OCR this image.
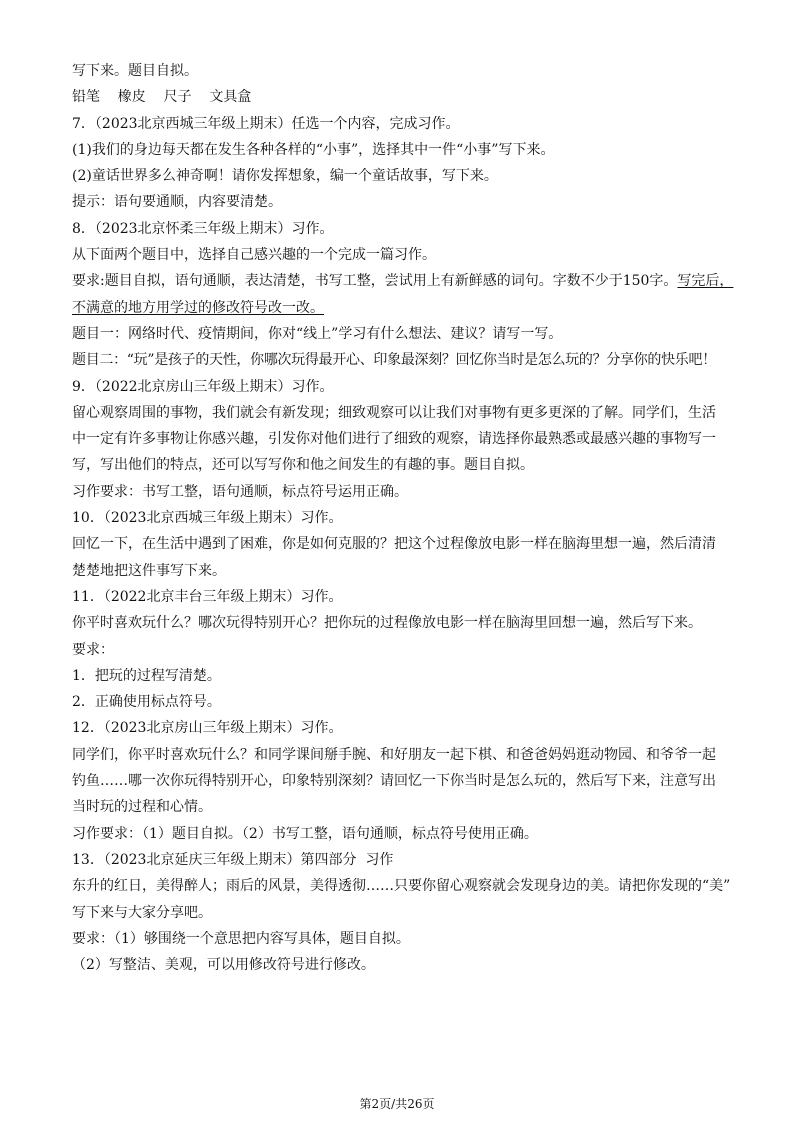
写下来。题目自拟。
铅笔    橡皮    尺子    文具盒
7．（2023北京西城三年级上期末）任选一个内容，完成习作。
(1)我们的身边每天都在发生各种各样的“小事”，选择其中一件“小事”写下来。
(2)童话世界多么神奇啊！请你发挥想象，编一个童话故事，写下来。
提示：语句要通顺，内容要清楚。
8．（2023北京怀柔三年级上期末）习作。
从下面两个题目中，选择自己感兴趣的一个完成一篇习作。
要求:题目自拟，语句通顺，表达清楚，书写工整，尝试用上有新鲜感的词句。字数不少于150字。写完后，
不满意的地方用学过的修改符号改一改。
题目一：网络时代、疫情期间，你对“线上”学习有什么想法、建议？请写一写。
题目二：“玩”是孩子的天性，你哪次玩得最开心、印象最深刻？回忆你当时是怎么玩的？分享你的快乐吧！
9．（2022北京房山三年级上期末）习作。
留心观察周围的事物，我们就会有新发现；细致观察可以让我们对事物有更多更深的了解。同学们，生活
中一定有许多事物让你感兴趣，引发你对他们进行了细致的观察，请选择你最熟悉或最感兴趣的事物写一
写，写出他们的特点，还可以写写你和他之间发生的有趣的事。题目自拟。
习作要求：书写工整，语句通顺，标点符号运用正确。
10．（2023北京西城三年级上期末）习作。
回忆一下，在生活中遇到了困难，你是如何克服的？把这个过程像放电影一样在脑海里想一遍，然后清清
楚楚地把这件事写下来。
11．（2022北京丰台三年级上期末）习作。
你平时喜欢玩什么？哪次玩得特别开心？把你玩的过程像放电影一样在脑海里回想一遍，然后写下来。
要求：
1．把玩的过程写清楚。
2．正确使用标点符号。
12．（2023北京房山三年级上期末）习作。
同学们，你平时喜欢玩什么？和同学课间掰手腕、和好朋友一起下棋、和爸爸妈妈逛动物园、和爷爷一起
钓鱼……哪一次你玩得特别开心，印象特别深刻？请回忆一下你当时是怎么玩的，然后写下来，注意写出
当时玩的过程和心情。
习作要求：（1）题目自拟。（2）书写工整，语句通顺，标点符号使用正确。
13．（2023北京延庆三年级上期末）第四部分  习作
东升的红日，美得醉人；雨后的风景，美得透彻……只要你留心观察就会发现身边的美。请把你发现的“美”
写下来与大家分享吧。
要求：（1）够围绕一个意思把内容写具体，题目自拟。
（2）写整洁、美观，可以用修改符号进行修改。
第2页/共26页
